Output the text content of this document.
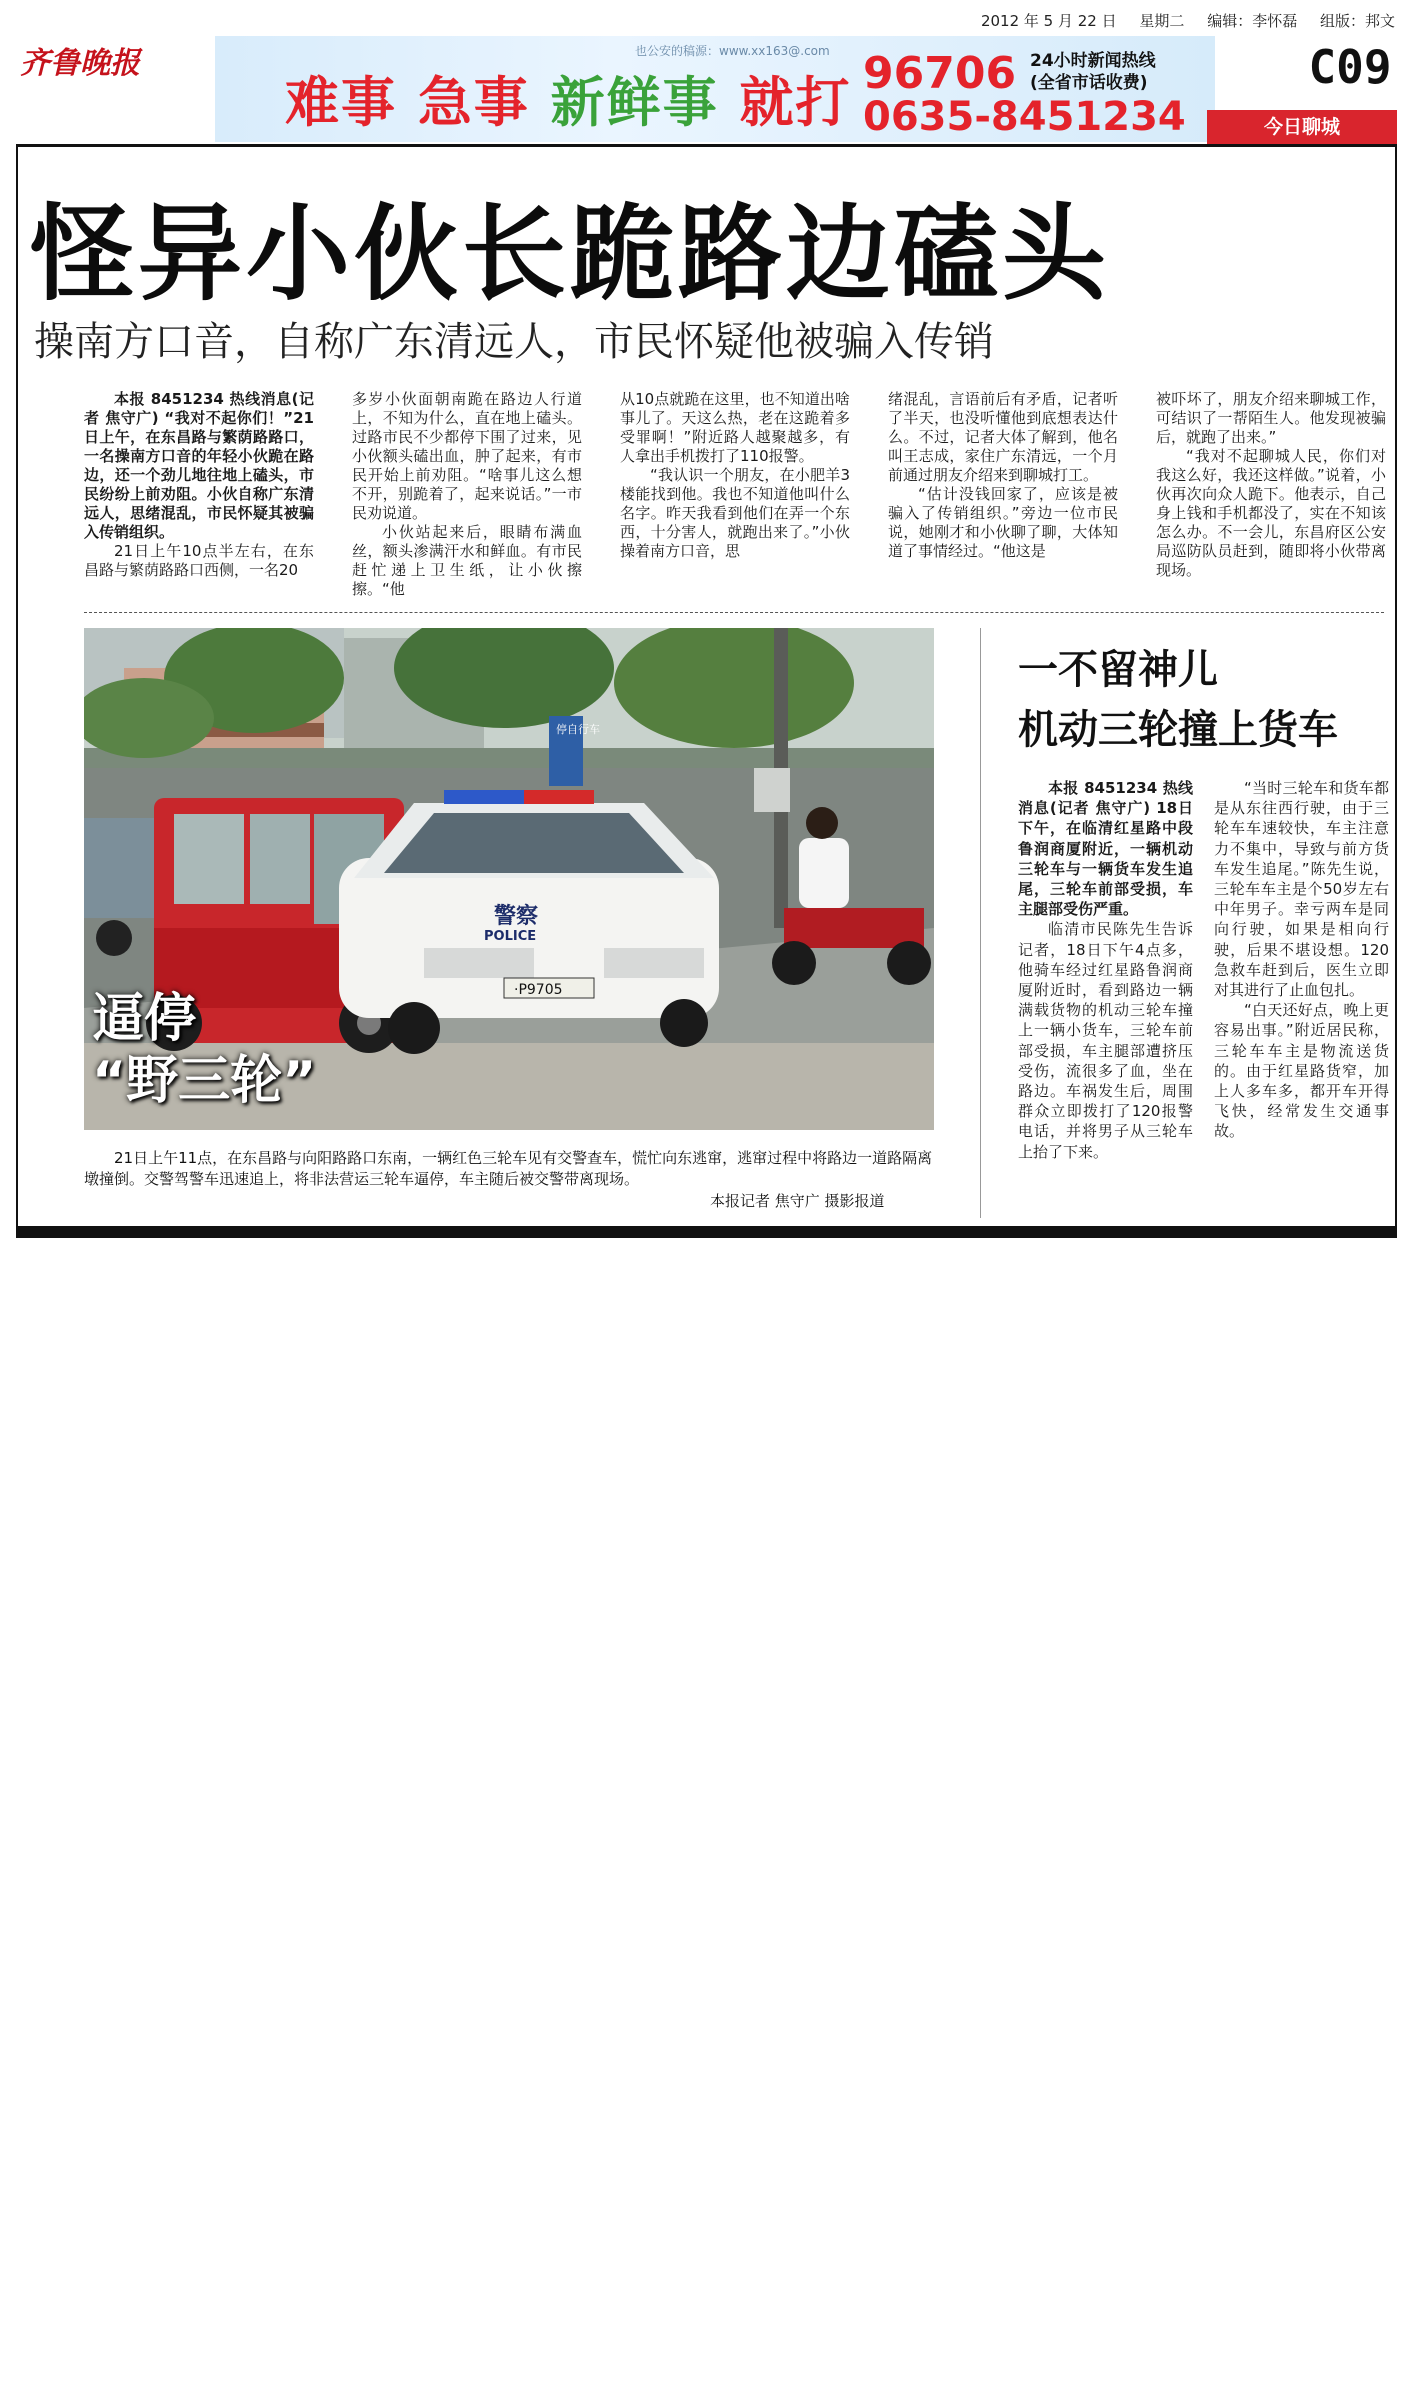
齐鲁晚报
2012 年 5 月 22 日 星期二 编辑：李怀磊 组版：邦文
也公安的稿源：www.xx163@.com
难事 急事 新鲜事 就打 96706 24小时新闻热线
(全省市话收费)
0635-8451234
C09
今日聊城
怪异小伙长跪路边磕头
操南方口音，自称广东清远人，市民怀疑他被骗入传销

本报 8451234 热线消息(记者 焦守广) “我对不起你们！”21日上午，在东昌路与繁荫路路口，一名操南方口音的年轻小伙跪在路边，还一个劲儿地往地上磕头，市民纷纷上前劝阻。小伙自称广东清远人，思绪混乱，市民怀疑其被骗入传销组织。

21日上午10点半左右，在东昌路与繁荫路路口西侧，一名20

多岁小伙面朝南跪在路边人行道上，不知为什么，直在地上磕头。过路市民不少都停下围了过来，见小伙额头磕出血，肿了起来，有市民开始上前劝阻。“啥事儿这么想不开，别跪着了，起来说话。”一市民劝说道。

小伙站起来后，眼睛布满血丝，额头渗满汗水和鲜血。有市民赶忙递上卫生纸，让小伙擦擦。“他

从10点就跪在这里，也不知道出啥事儿了。天这么热，老在这跪着多受罪啊！”附近路人越聚越多，有人拿出手机拨打了110报警。

“我认识一个朋友，在小肥羊3楼能找到他。我也不知道他叫什么名字。昨天我看到他们在弄一个东西，十分害人，就跑出来了。”小伙操着南方口音，思

绪混乱，言语前后有矛盾，记者听了半天，也没听懂他到底想表达什么。不过，记者大体了解到，他名叫王志成，家住广东清远，一个月前通过朋友介绍来到聊城打工。

“估计没钱回家了，应该是被骗入了传销组织。”旁边一位市民说，她刚才和小伙聊了聊，大体知道了事情经过。“他这是

被吓坏了，朋友介绍来聊城工作，可结识了一帮陌生人。他发现被骗后，就跑了出来。”

“我对不起聊城人民，你们对我这么好，我还这样做。”说着，小伙再次向众人跪下。他表示，自己身上钱和手机都没了，实在不知该怎么办。不一会儿，东昌府区公安局巡防队员赶到，随即将小伙带离现场。

停自行车
警察
POLICE
·P9705
逼停
“野三轮”

21日上午11点，在东昌路与向阳路路口东南，一辆红色三轮车见有交警查车，慌忙向东逃窜，逃窜过程中将路边一道路隔离墩撞倒。交警驾警车迅速追上，将非法营运三轮车逼停，车主随后被交警带离现场。

本报记者 焦守广 摄影报道
一不留神儿
机动三轮撞上货车

本报 8451234 热线消息(记者 焦守广) 18日下午，在临清红星路中段鲁润商厦附近，一辆机动三轮车与一辆货车发生追尾，三轮车前部受损，车主腿部受伤严重。

临清市民陈先生告诉记者，18日下午4点多，他骑车经过红星路鲁润商厦附近时，看到路边一辆满载货物的机动三轮车撞上一辆小货车，三轮车前部受损，车主腿部遭挤压受伤，流很多了血，坐在路边。车祸发生后，周围群众立即拨打了120报警电话，并将男子从三轮车上抬了下来。

“当时三轮车和货车都是从东往西行驶，由于三轮车车速较快，车主注意力不集中，导致与前方货车发生追尾。”陈先生说，三轮车车主是个50岁左右中年男子。幸亏两车是同向行驶，如果是相向行驶，后果不堪设想。120急救车赶到后，医生立即对其进行了止血包扎。

“白天还好点，晚上更容易出事。”附近居民称，三轮车车主是物流送货的。由于红星路货窄，加上人多车多，都开车开得飞快，经常发生交通事故。
